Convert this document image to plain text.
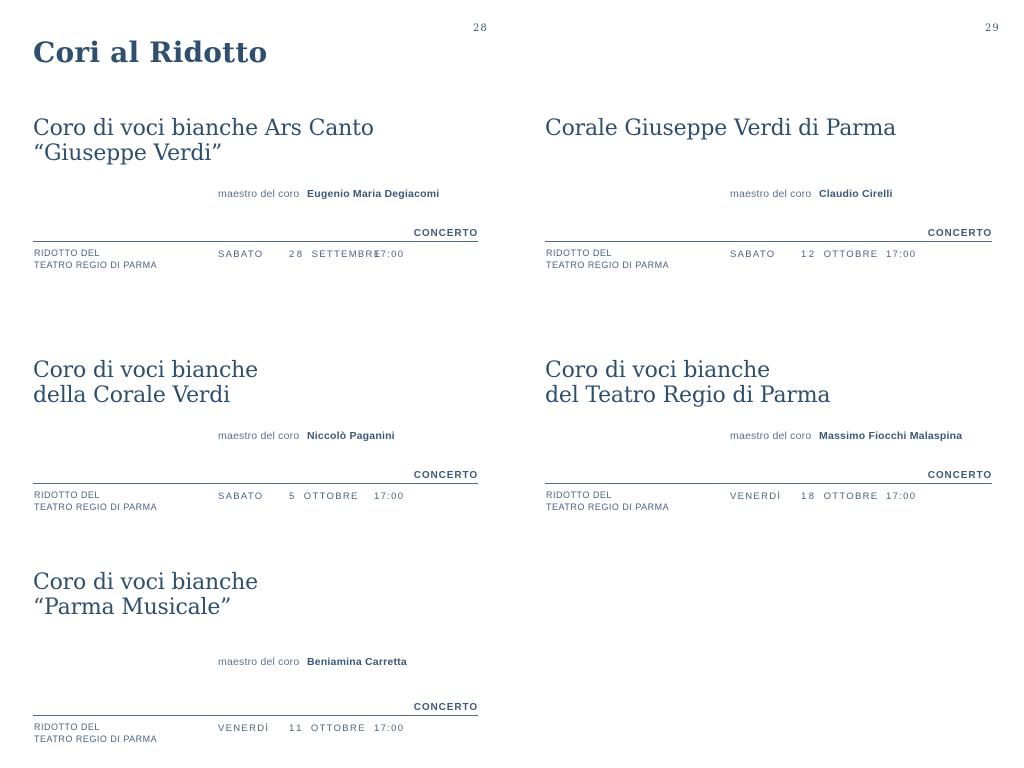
Cori al Ridotto
28	29
Coro di voci bianche Ars Canto
“Giuseppe Verdi”
maestro del coro Eugenio Maria Degiacomi
CONCERTO
RIDOTTO DEL
TEATRO REGIO DI PARMA
SABATO	28 SETTEMBRE
17:00
Corale Giuseppe Verdi di Parma
maestro del coro Claudio Cirelli
CONCERTO
RIDOTTO DEL
TEATRO REGIO DI PARMA
SABATO	12 OTTOBRE 17:00
Coro di voci bianche
della Corale Verdi
maestro del coro Niccolò Paganini
CONCERTO
RIDOTTO DEL
TEATRO REGIO DI PARMA
SABATO	5 OTTOBRE 17:00
Coro di voci bianche
del Teatro Regio di Parma
maestro del coro Massimo Fiocchi Malaspina
CONCERTO
RIDOTTO DEL
TEATRO REGIO DI PARMA
VENERDÌ 18 OTTOBRE 17:00
Coro di voci bianche
“Parma Musicale”
maestro del coro Beniamina Carretta
CONCERTO
RIDOTTO DEL
TEATRO REGIO DI PARMA
VENERDÌ 11 OTTOBRE 17:00
